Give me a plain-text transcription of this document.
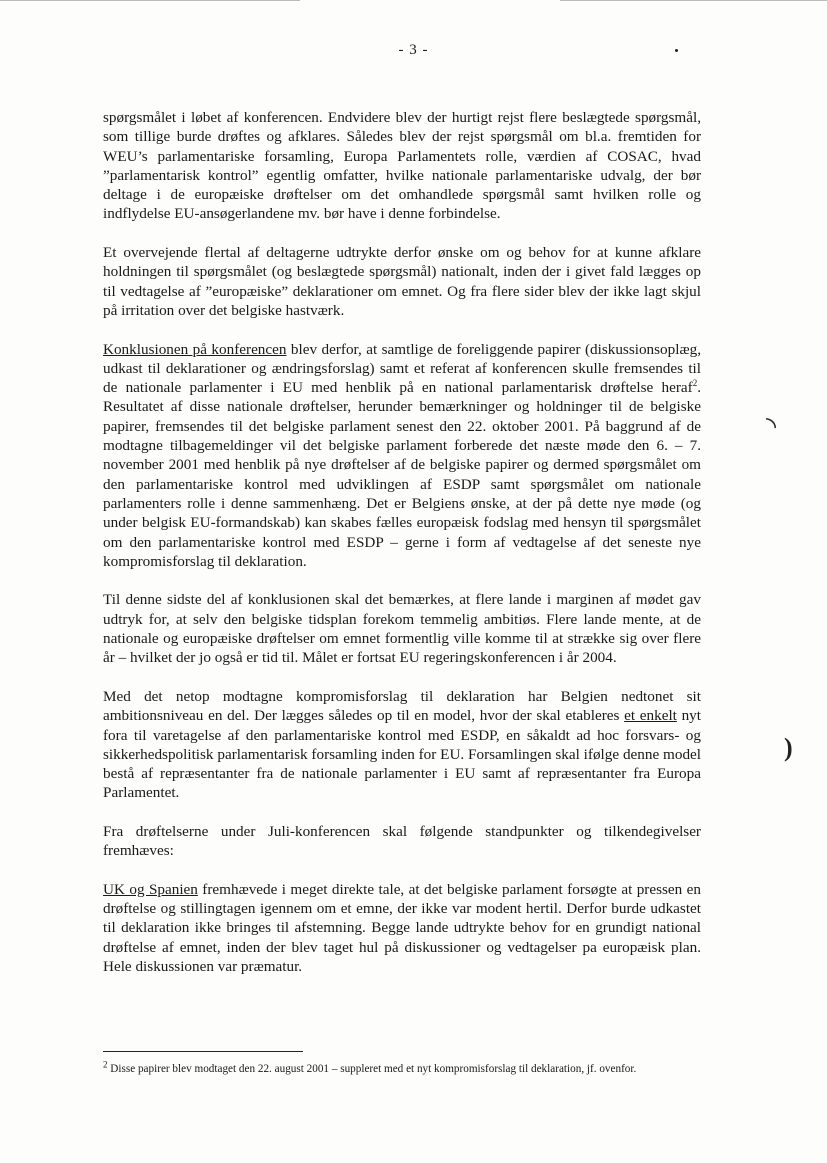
- 3 -

spørgsmålet i løbet af konferencen. Endvidere blev der hurtigt rejst flere beslægtede spørgsmål, som tillige burde drøftes og afklares. Således blev der rejst spørgsmål om bl.a. fremtiden for WEU’s parlamentariske forsamling, Europa Parlamentets rolle, værdien af COSAC, hvad ”parlamentarisk kontrol” egentlig omfatter, hvilke nationale parlamentariske udvalg, der bør deltage i de europæiske drøftelser om det omhandlede spørgsmål samt hvilken rolle og indflydelse EU-ansøgerlandene mv. bør have i denne forbindelse.

Et overvejende flertal af deltagerne udtrykte derfor ønske om og behov for at kunne afklare holdningen til spørgsmålet (og beslægtede spørgsmål) nationalt, inden der i givet fald lægges op til vedtagelse af ”europæiske” deklarationer om emnet. Og fra flere sider blev der ikke lagt skjul på irritation over det belgiske hastværk.

Konklusionen på konferencen blev derfor, at samtlige de foreliggende papirer (diskussionsoplæg, udkast til deklarationer og ændringsforslag) samt et referat af konferencen skulle fremsendes til de nationale parlamenter i EU med henblik på en national parlamentarisk drøftelse heraf$^2$. Resultatet af disse nationale drøftelser, herunder bemærkninger og holdninger til de belgiske papirer, fremsendes til det belgiske parlament senest den 22. oktober 2001. På baggrund af de modtagne tilbagemeldinger vil det belgiske parlament forberede det næste møde den 6. – 7. november 2001 med henblik på nye drøftelser af de belgiske papirer og dermed spørgsmålet om den parlamentariske kontrol med udviklingen af ESDP samt spørgsmålet om nationale parlamenters rolle i denne sammenhæng. Det er Belgiens ønske, at der på dette nye møde (og under belgisk EU-formandskab) kan skabes fælles europæisk fodslag med hensyn til spørgsmålet om den parlamentariske kontrol med ESDP – gerne i form af vedtagelse af det seneste nye kompromisforslag til deklaration.

Til denne sidste del af konklusionen skal det bemærkes, at flere lande i marginen af mødet gav udtryk for, at selv den belgiske tidsplan forekom temmelig ambitiøs. Flere lande mente, at de nationale og europæiske drøftelser om emnet formentlig ville komme til at strække sig over flere år – hvilket der jo også er tid til. Målet er fortsat EU regeringskonferencen i år 2004.

Med det netop modtagne kompromisforslag til deklaration har Belgien nedtonet sit ambitionsniveau en del. Der lægges således op til en model, hvor der skal etableres et enkelt nyt fora til varetagelse af den parlamentariske kontrol med ESDP, en såkaldt ad hoc forsvars- og sikkerhedspolitisk parlamentarisk forsamling inden for EU. Forsamlingen skal ifølge denne model bestå af repræsentanter fra de nationale parlamenter i EU samt af repræsentanter fra Europa Parlamentet.

Fra drøftelserne under Juli-konferencen skal følgende standpunkter og tilkendegivelser fremhæves:

UK og Spanien fremhævede i meget direkte tale, at det belgiske parlament forsøgte at pressen en drøftelse og stillingtagen igennem om et emne, der ikke var modent hertil. Derfor burde udkastet til deklaration ikke bringes til afstemning. Begge lande udtrykte behov for en grundigt national drøftelse af emnet, inden der blev taget hul på diskussioner og vedtagelser pa europæisk plan. Hele diskussionen var præmatur.

$^2$ Disse papirer blev modtaget den 22. august 2001 – suppleret med et nyt kompromisforslag til deklaration, jf. ovenfor.
◝
)
